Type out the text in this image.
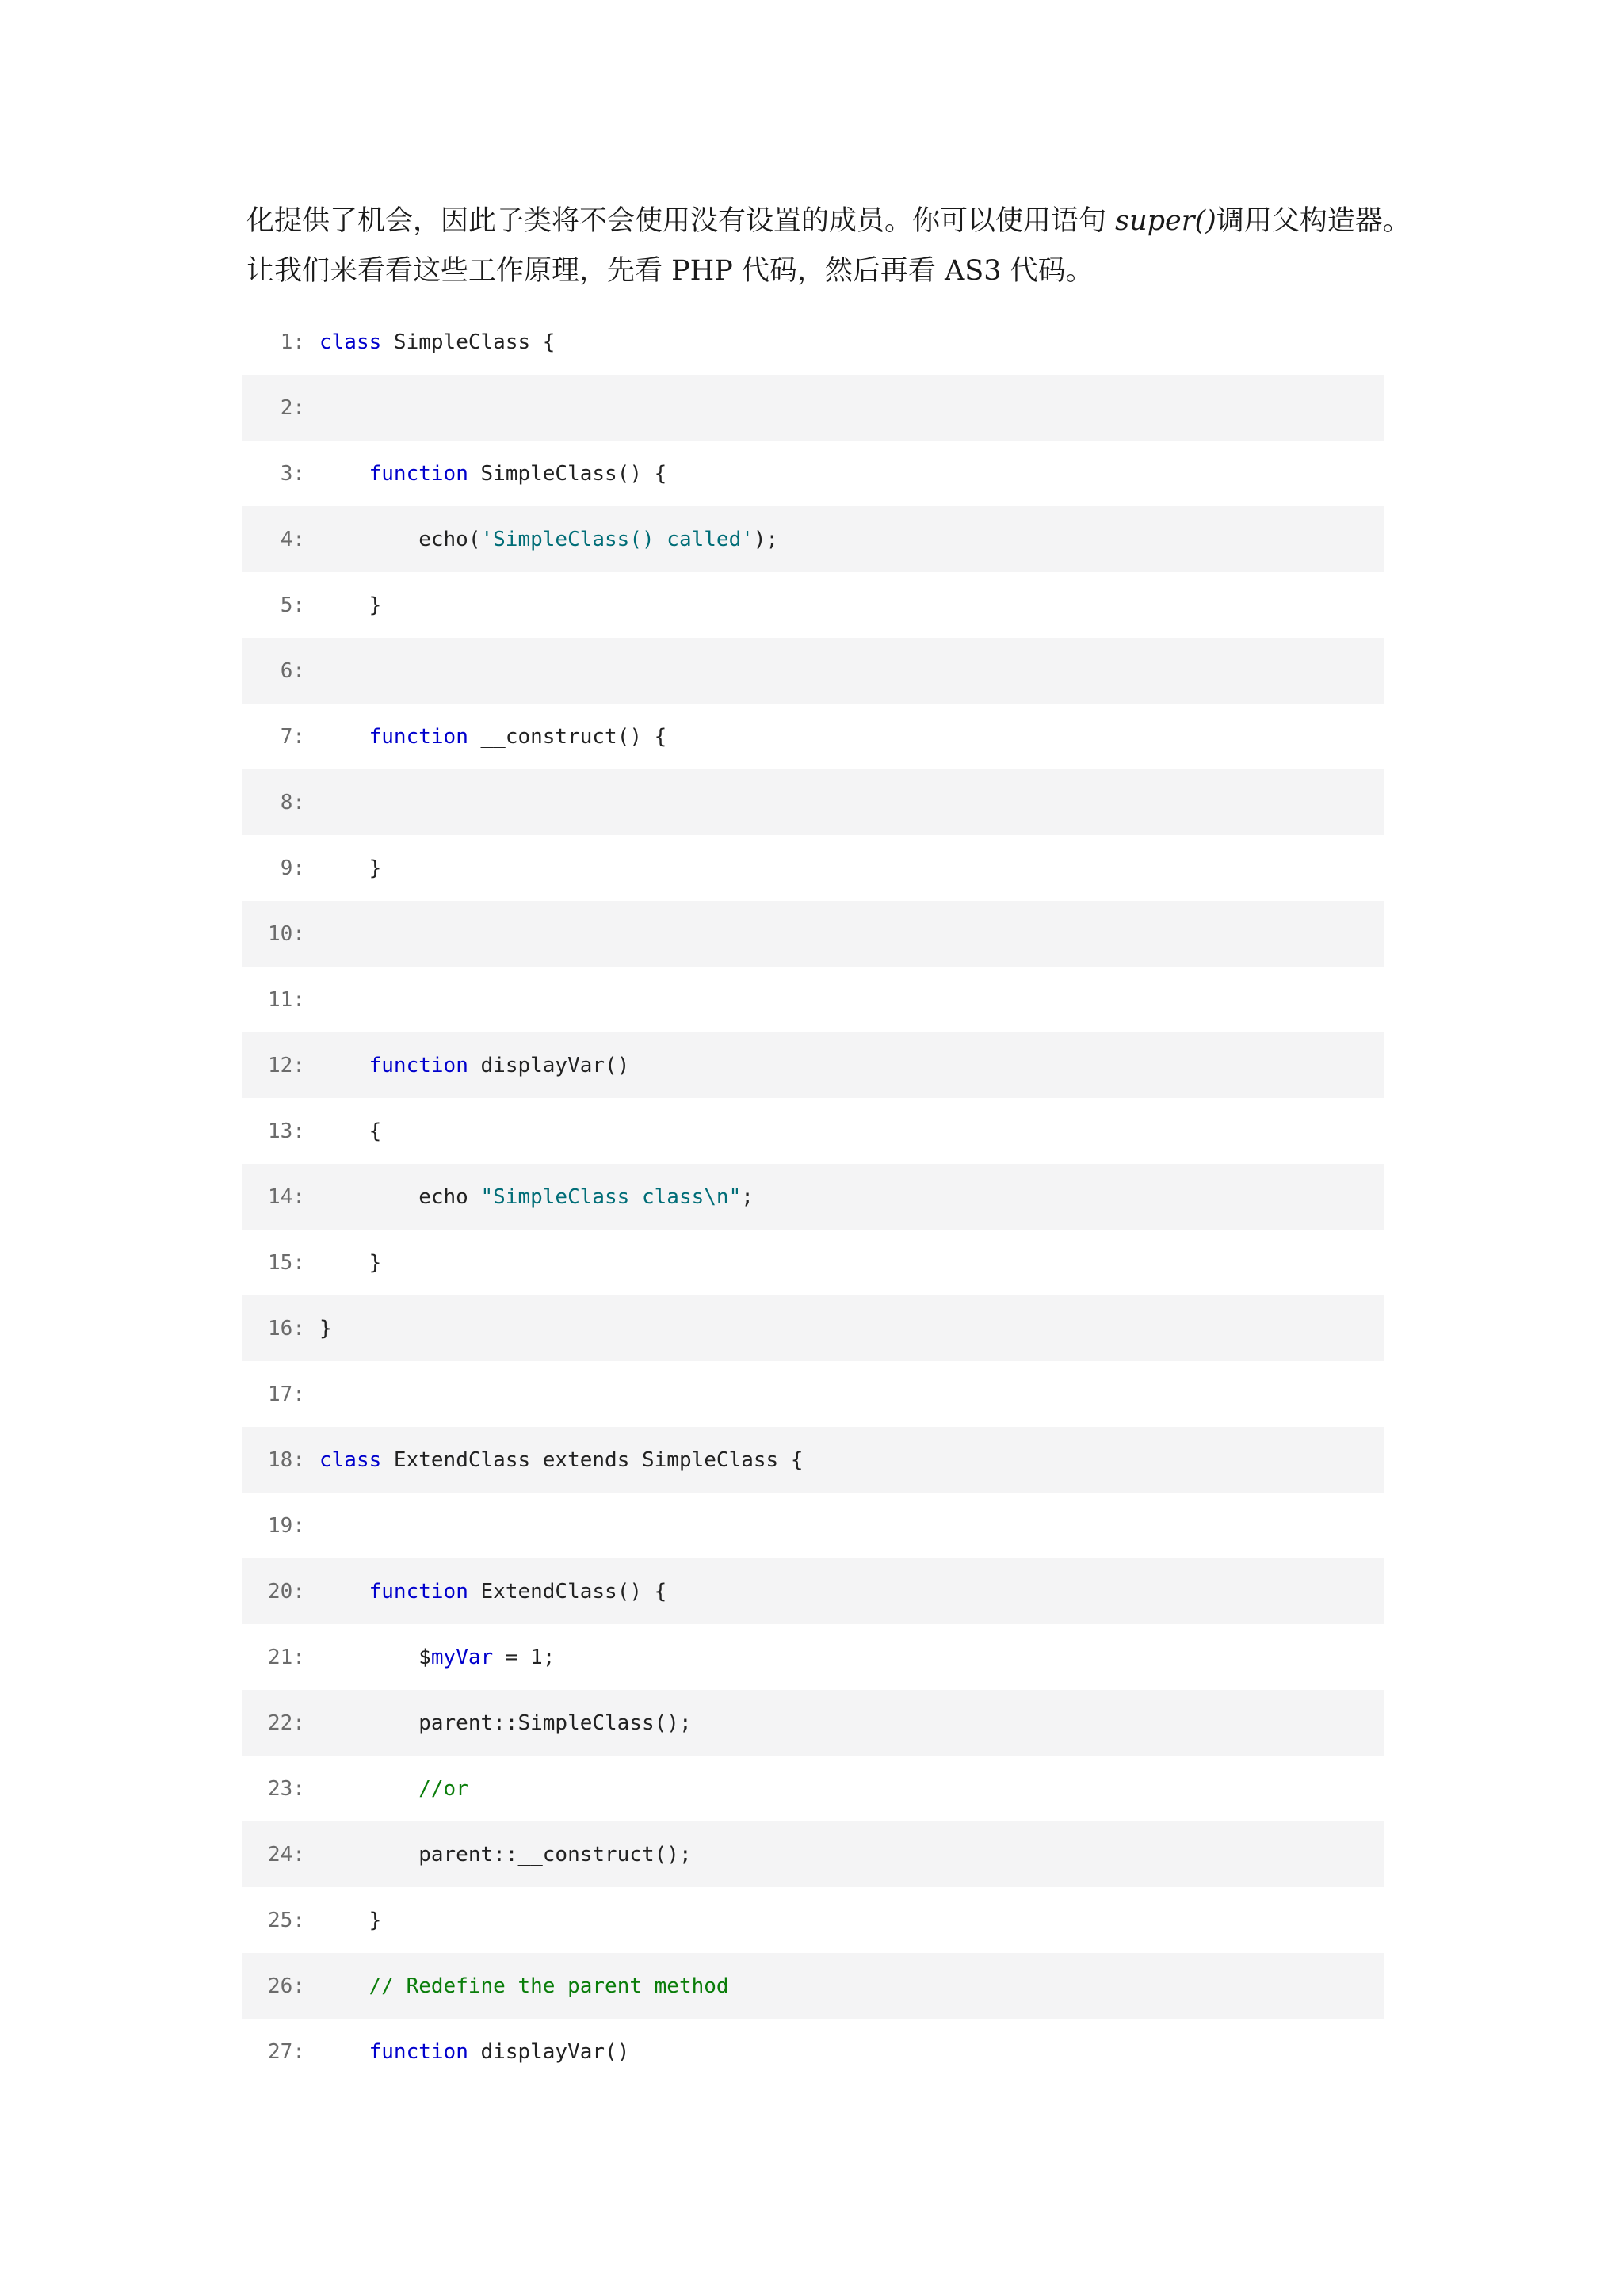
化提供了机会，因此子类将不会使用没有设置的成员。你可以使用语句 super()调用父构造器。
让我们来看看这些工作原理，先看 PHP 代码，然后再看 AS3 代码。
1: class SimpleClass {
2:
3:	function SimpleClass() {
4: echo('SimpleClass() called');
5: }
6:
7:	function __construct() {
8:
9: }
10:
11:
12:	function displayVar()
13: {
14: echo "SimpleClass class\n";
15: }
16: }
17:
18: class ExtendClass extends SimpleClass {
19:
20:	function ExtendClass() {
21: $myVar = 1;
22: parent::SimpleClass();
23:	//or
24: parent::__construct();
25: }
26:	// Redefine the parent method
27:	function displayVar()
